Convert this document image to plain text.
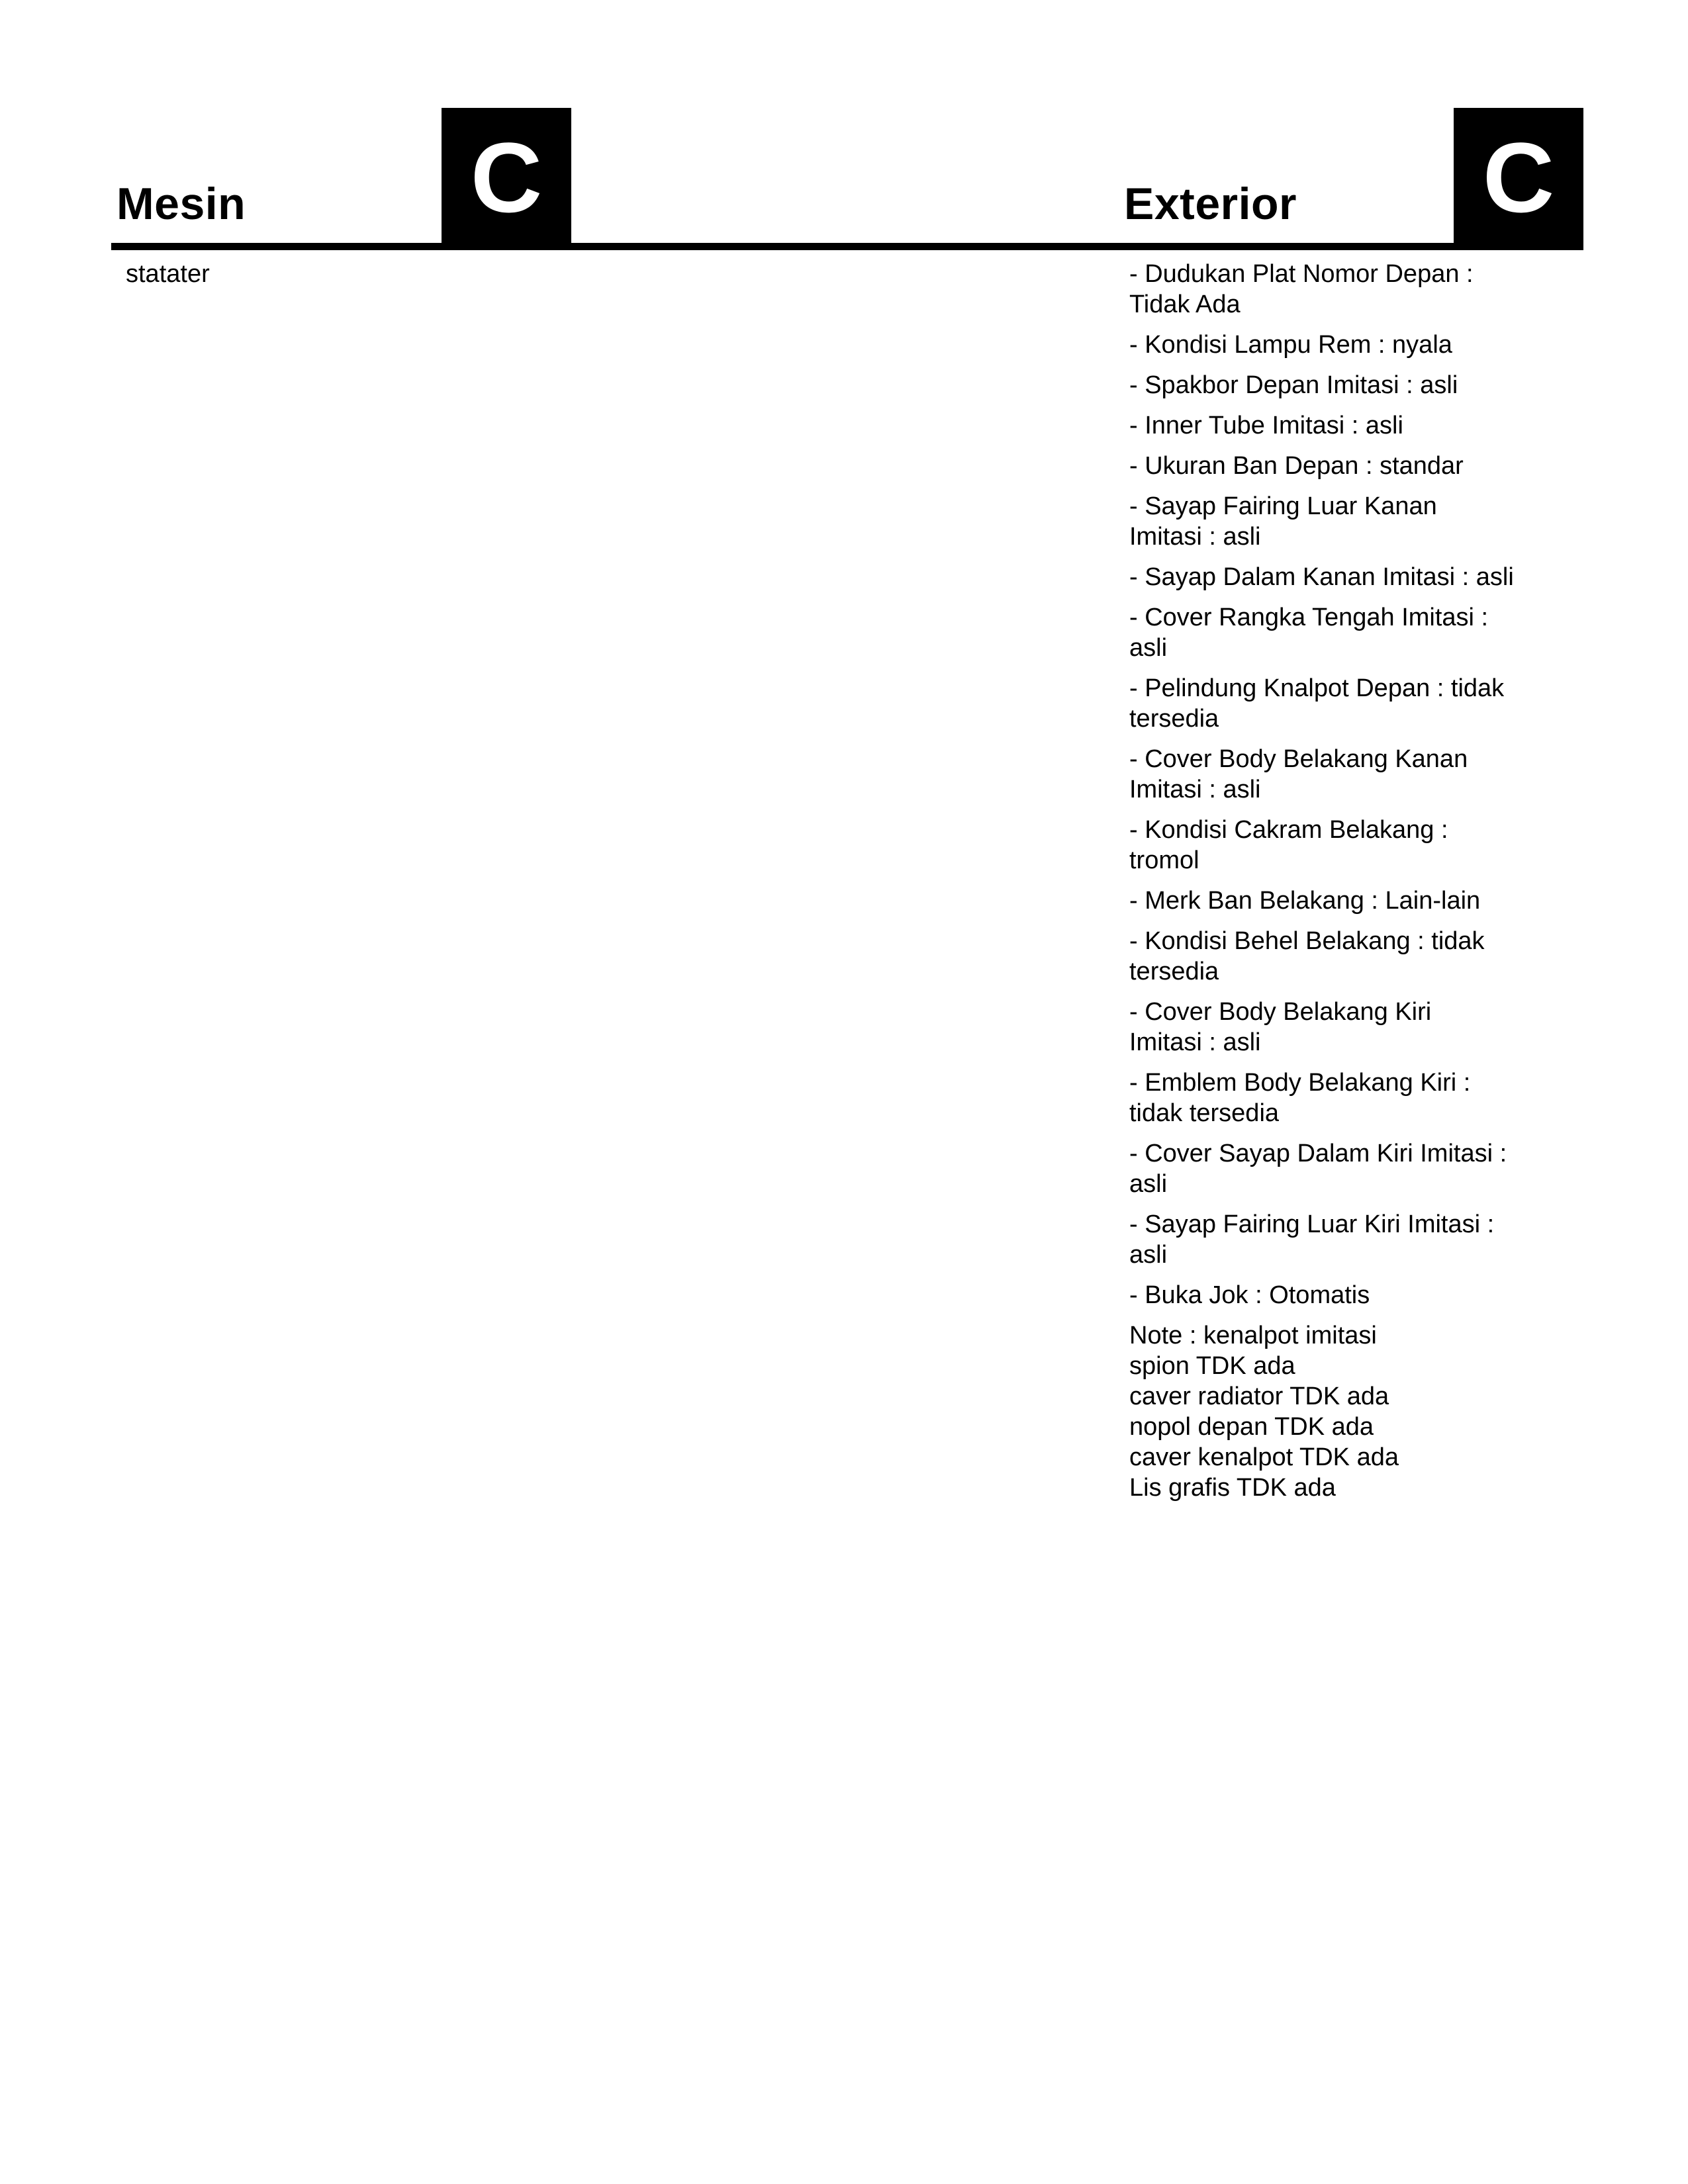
Mesin C
statater
Exterior C
- Dudukan Plat Nomor Depan :
Tidak Ada
- Kondisi Lampu Rem : nyala
- Spakbor Depan Imitasi : asli
- Inner Tube Imitasi : asli
- Ukuran Ban Depan : standar
- Sayap Fairing Luar Kanan
Imitasi : asli
- Sayap Dalam Kanan Imitasi : asli
- Cover Rangka Tengah Imitasi :
asli
- Pelindung Knalpot Depan : tidak
tersedia
- Cover Body Belakang Kanan
Imitasi : asli
- Kondisi Cakram Belakang :
tromol
- Merk Ban Belakang : Lain-lain
- Kondisi Behel Belakang : tidak
tersedia
- Cover Body Belakang Kiri
Imitasi : asli
- Emblem Body Belakang Kiri :
tidak tersedia
- Cover Sayap Dalam Kiri Imitasi :
asli
- Sayap Fairing Luar Kiri Imitasi :
asli
- Buka Jok : Otomatis
Note : kenalpot imitasi
spion TDK ada
caver radiator TDK ada
nopol depan TDK ada
caver kenalpot TDK ada
Lis grafis TDK ada
